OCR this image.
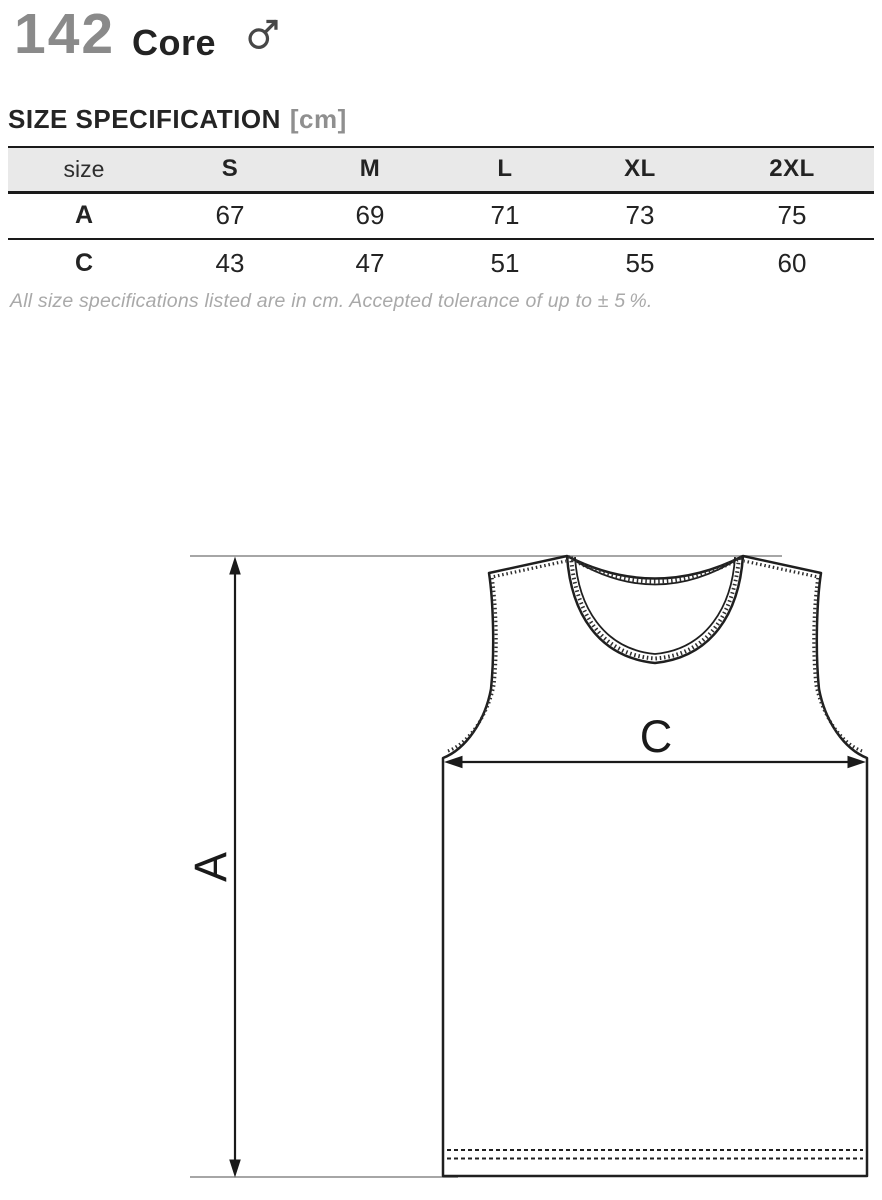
A
C
142 Core
SIZE SPECIFICATION [cm]
size	S	M	L	XL	2XL
A	67	69	71	73	75
C	43	47	51	55	60

All size specifications listed are in cm. Accepted tolerance of up to ± 5 %.
